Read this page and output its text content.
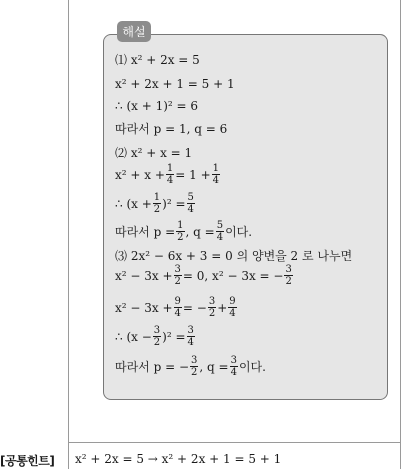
해설
⑴ x² + 2x = 5
x² + 2x + 1 = 5 + 1
∴ (x + 1)² = 6
따라서 p = 1, q = 6
⑵ x² + x = 1
$x^2 + x + \frac{1}{4} = 1 + \frac{1}{4}$
∴ $(x + \frac{1}{2} )^2 = \frac{5}{4}$
따라서 $p = \frac{1}{2}$ , $q = \frac{5}{4}$ 이다.
⑶ 2x² − 6x + 3 = 0 의 양변을 2 로 나누면
$x^2 - 3x + \frac{3}{2} = 0$, x² − 3x = − $\frac{3}{2}$
$x^2 - 3x + \frac{9}{4}$ = − $\frac{3}{2} + \frac{9}{4}$
∴ $(x - \frac{3}{2} )^2 = \frac{3}{4}$
따라서 p = − $\frac{3}{2}$ , $q = \frac{3}{4}$ 이다.
[공통힌트] x² + 2x = 5 → x² + 2x + 1 = 5 + 1
